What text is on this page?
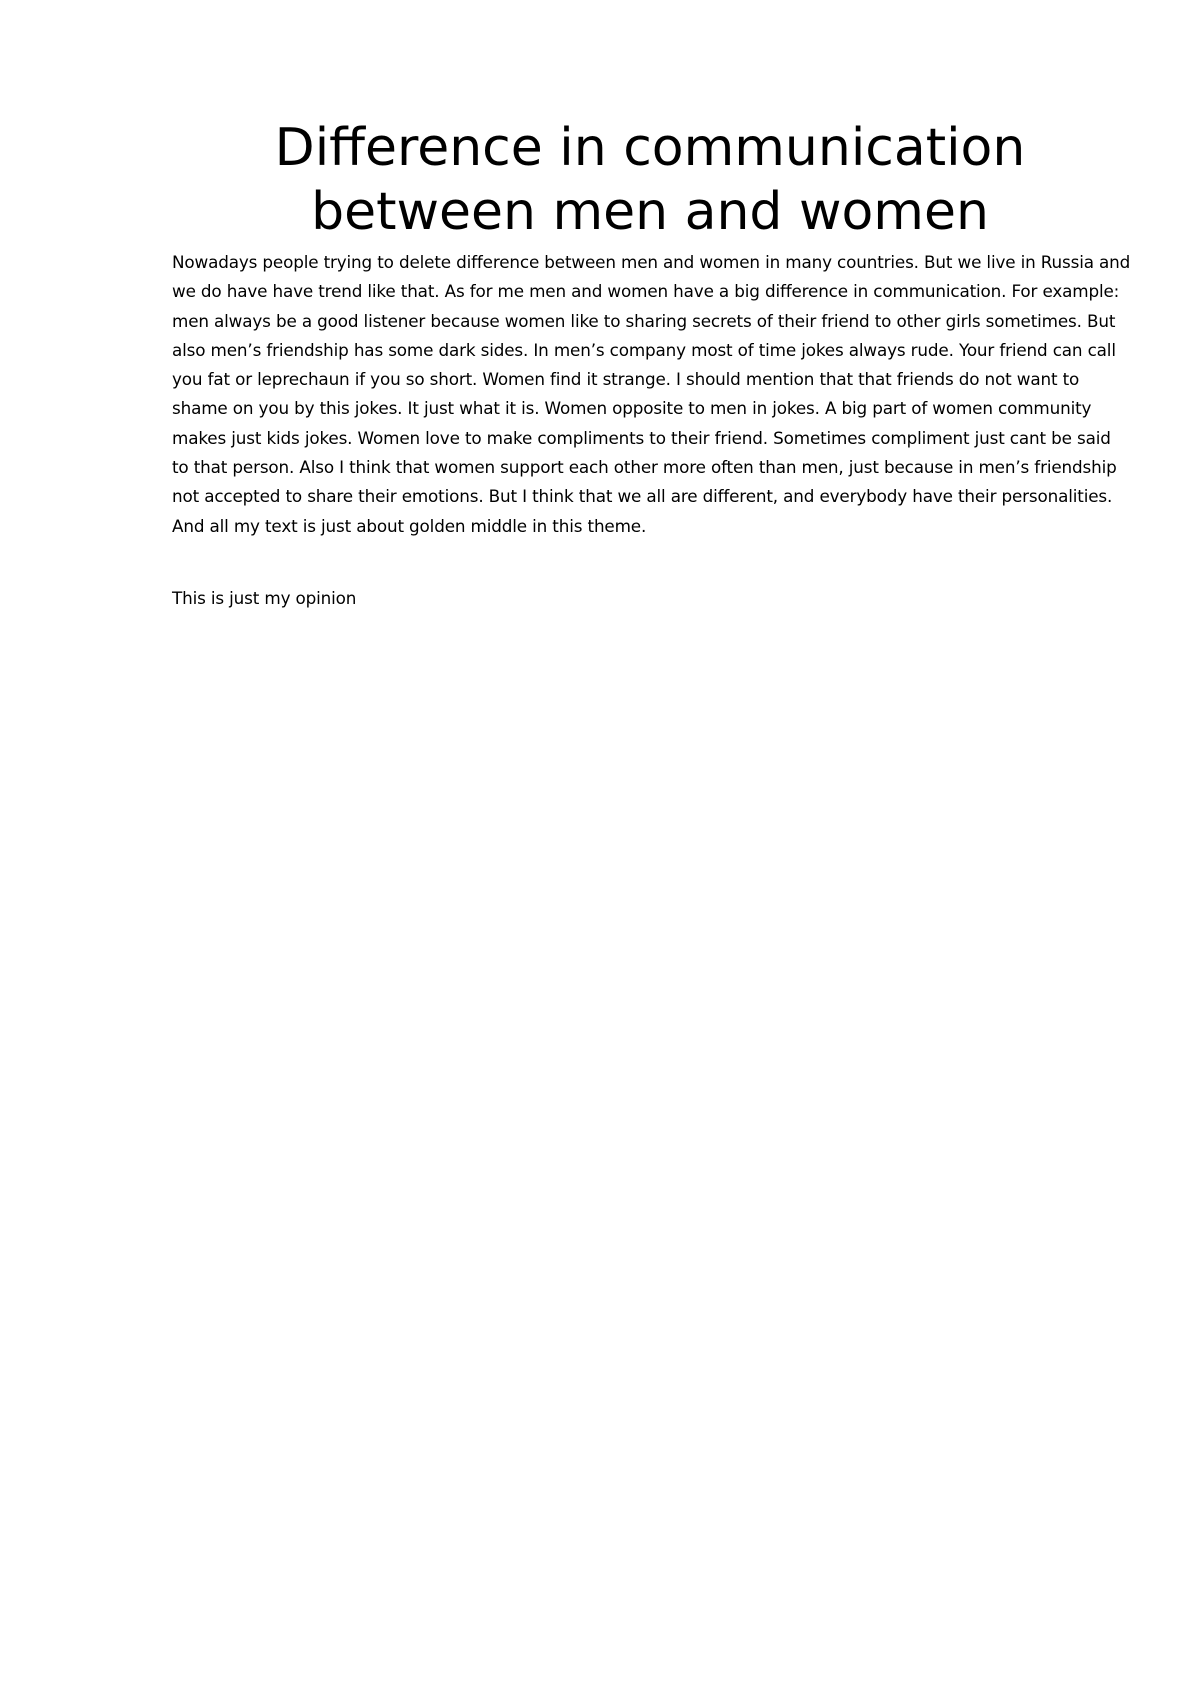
Difference in communication between men and women

Nowadays people trying to delete difference between men and women in many countries. But we live in Russia and we do have have trend like that. As for me men and women have a big difference in communication. For example: men always be a good listener because women like to sharing secrets of their friend to other girls sometimes. But also men’s friendship has some dark sides. In men’s company most of time jokes always rude. Your friend can call you fat or leprechaun if you so short. Women find it strange. I should mention that that friends do not want to shame on you by this jokes. It just what it is. Women opposite to men in jokes. A big part of women community makes just kids jokes. Women love to make compliments to their friend. Sometimes compliment just cant be said to that person. Also I think that women support each other more often than men, just because in men’s friendship not accepted to share their emotions. But I think that we all are different, and everybody have their personalities. And all my text is just about golden middle in this theme.

This is just my opinion
